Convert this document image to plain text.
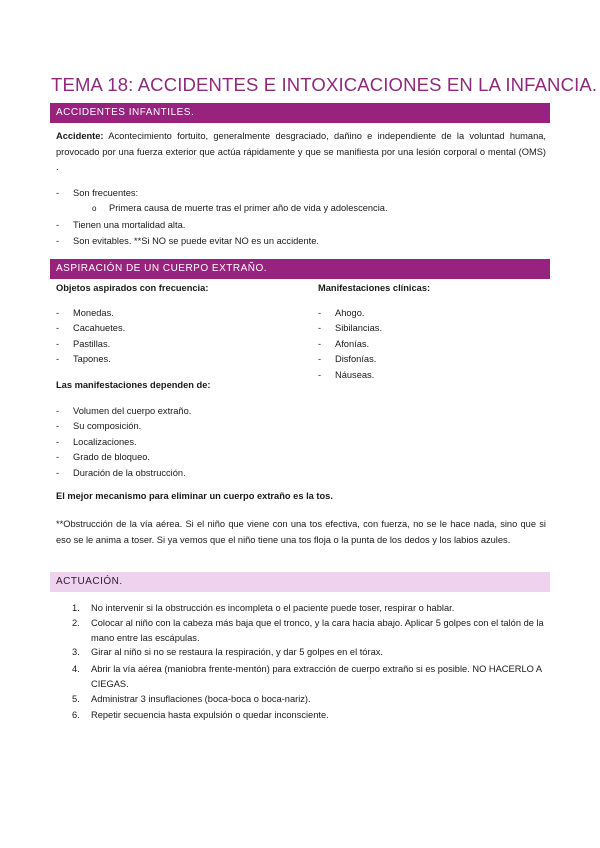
TEMA 18: ACCIDENTES E INTOXICACIONES EN LA INFANCIA.
ACCIDENTES INFANTILES.
Accidente: Acontecimiento fortuito, generalmente desgraciado, dañino e independiente de la voluntad humana, provocado por una fuerza exterior que actúa rápidamente y que se manifiesta por una lesión corporal o mental (OMS) .
- Son frecuentes:
o Primera causa de muerte tras el primer año de vida y adolescencia.
- Tienen una mortalidad alta.
- Son evitables. **Si NO se puede evitar NO es un accidente.
ASPIRACIÓN DE UN CUERPO EXTRAÑO.
Objetos aspirados con frecuencia:	Manifestaciones clínicas:
- Monedas.
- Cacahuetes.
- Pastillas.
- Tapones.
- Ahogo.
- Sibilancias.
- Afonías.
- Disfonías.
- Náuseas.
Las manifestaciones dependen de:
- Volumen del cuerpo extraño.
- Su composición.
- Localizaciones.
- Grado de bloqueo.
- Duración de la obstrucción.
El mejor mecanismo para eliminar un cuerpo extraño es la tos.
**Obstrucción de la vía aérea. Si el niño que viene con una tos efectiva, con fuerza, no se le hace nada, sino que si eso se le anima a toser. Si ya vemos que el niño tiene una tos floja o la punta de los dedos y los labios azules.
ACTUACIÓN.
1. No intervenir si la obstrucción es incompleta o el paciente puede toser, respirar o hablar.
2. Colocar al niño con la cabeza más baja que el tronco, y la cara hacia abajo. Aplicar 5 golpes con el talón de la mano entre las escápulas.
3. Girar al niño si no se restaura la respiración, y dar 5 golpes en el tórax.
4. Abrir la vía aérea (maniobra frente-mentón) para extracción de cuerpo extraño si es posible. NO HACERLO A CIEGAS.
5. Administrar 3 insuflaciones (boca-boca o boca-nariz).
6. Repetir secuencia hasta expulsión o quedar inconsciente.
